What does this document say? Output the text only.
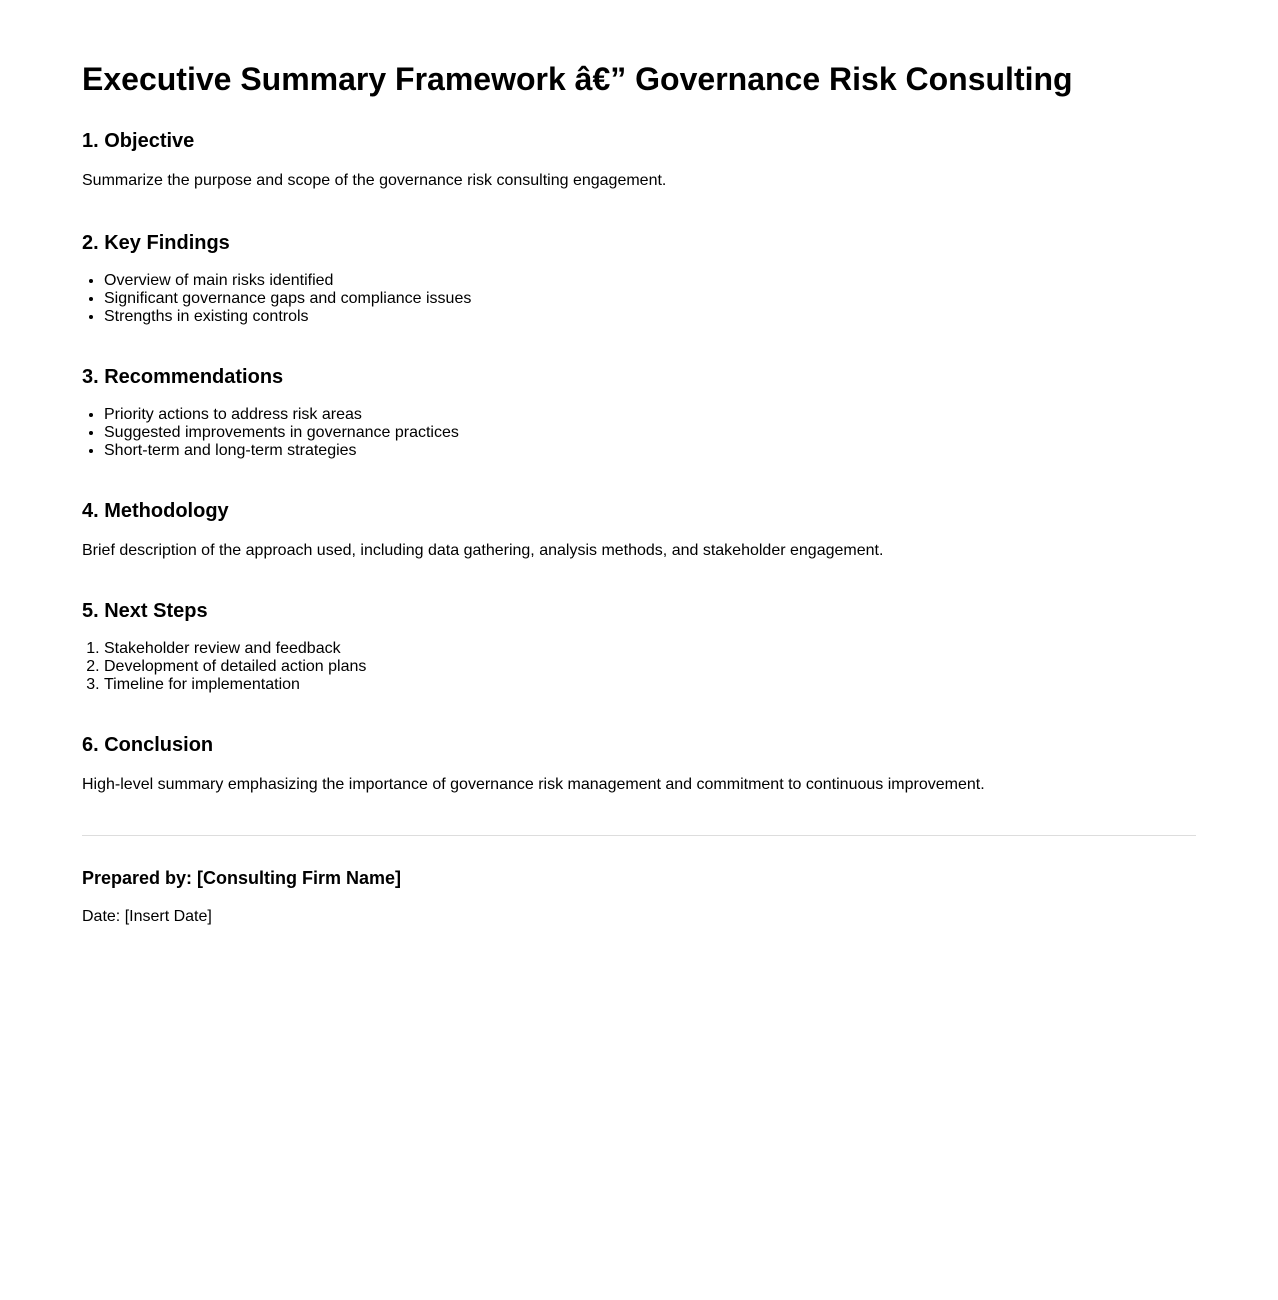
Executive Summary Framework â€” Governance Risk Consulting
1. Objective

Summarize the purpose and scope of the governance risk consulting engagement.

2. Key Findings
• Overview of main risks identified
• Significant governance gaps and compliance issues
• Strengths in existing controls
3. Recommendations
• Priority actions to address risk areas
• Suggested improvements in governance practices
• Short-term and long-term strategies
4. Methodology

Brief description of the approach used, including data gathering, analysis methods, and stakeholder engagement.

5. Next Steps
1. Stakeholder review and feedback
2. Development of detailed action plans
3. Timeline for implementation
6. Conclusion

High-level summary emphasizing the importance of governance risk management and commitment to continuous improvement.

Prepared by: [Consulting Firm Name]

Date: [Insert Date]
